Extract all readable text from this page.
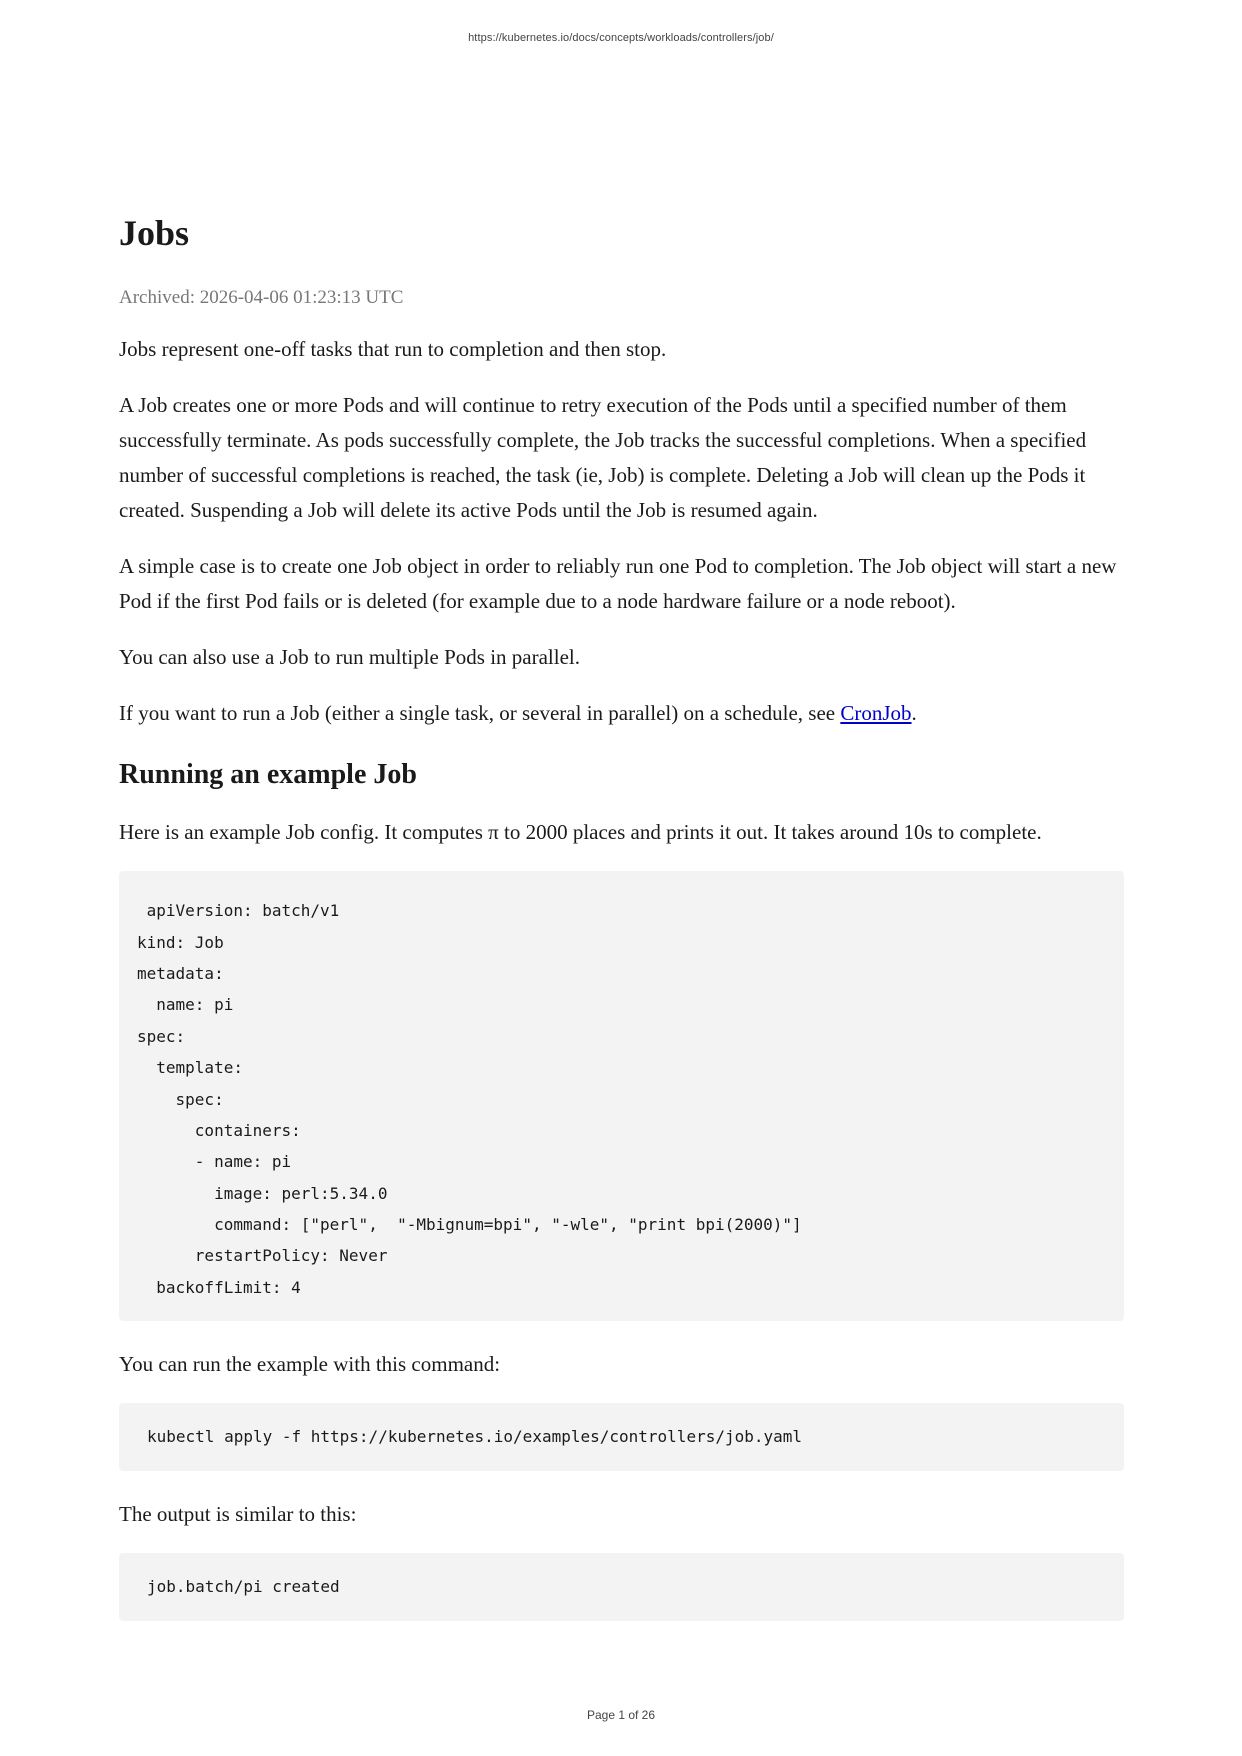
https://kubernetes.io/docs/concepts/workloads/controllers/job/
Jobs
Archived: 2026-04-06 01:23:13 UTC

Jobs represent one-off tasks that run to completion and then stop.

A Job creates one or more Pods and will continue to retry execution of the Pods until a specified number of them successfully terminate. As pods successfully complete, the Job tracks the successful completions. When a specified number of successful completions is reached, the task (ie, Job) is complete. Deleting a Job will clean up the Pods it created. Suspending a Job will delete its active Pods until the Job is resumed again.

A simple case is to create one Job object in order to reliably run one Pod to completion. The Job object will start a new Pod if the first Pod fails or is deleted (for example due to a node hardware failure or a node reboot).

You can also use a Job to run multiple Pods in parallel.

If you want to run a Job (either a single task, or several in parallel) on a schedule, see CronJob.

Running an example Job

Here is an example Job config. It computes π to 2000 places and prints it out. It takes around 10s to complete.

apiVersion: batch/v1
kind: Job
metadata:
name: pi
spec:
template:
spec:
containers:
- name: pi
image: perl:5.34.0
command: ["perl",  "-Mbignum=bpi", "-wle", "print bpi(2000)"]
restartPolicy: Never
backoffLimit: 4

You can run the example with this command:

kubectl apply -f https://kubernetes.io/examples/controllers/job.yaml

The output is similar to this:

job.batch/pi created
Page 1 of 26
